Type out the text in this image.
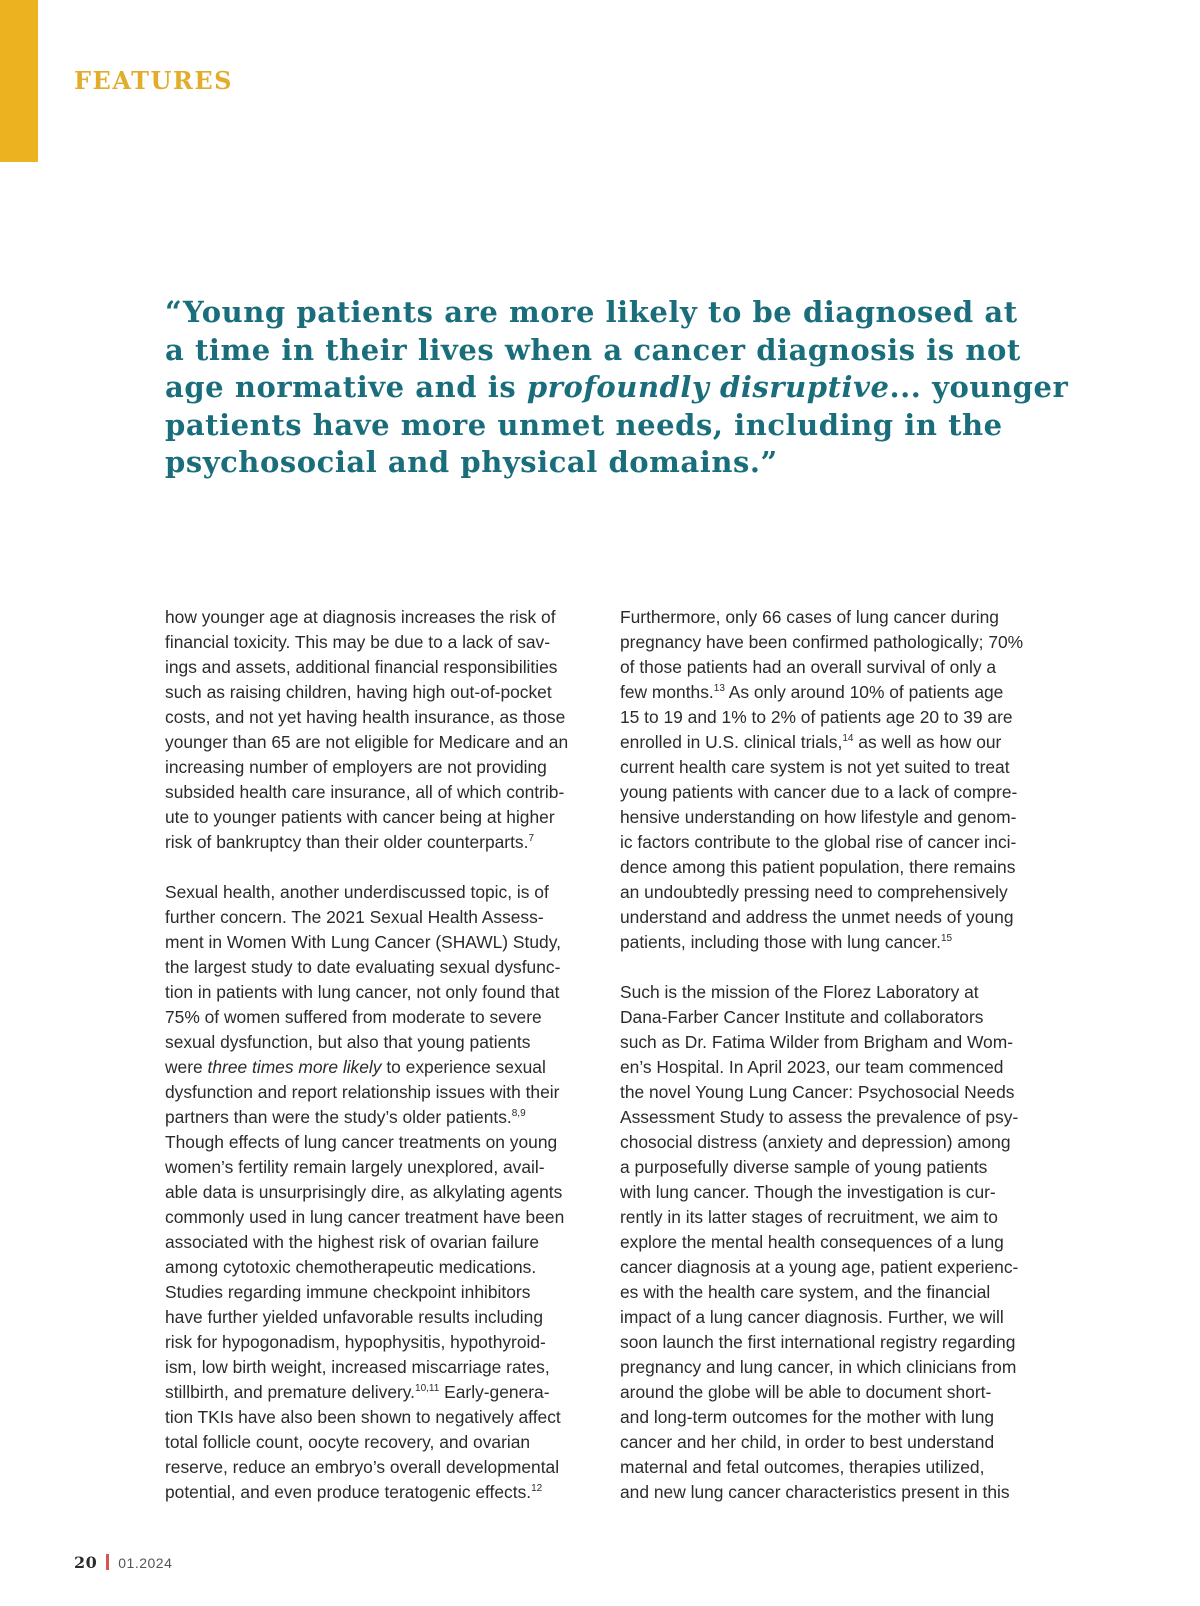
FEATURES
“Young patients are more likely to be diagnosed at
a time in their lives when a cancer diagnosis is not
age normative and is profoundly disruptive... younger
patients have more unmet needs, including in the
psychosocial and physical domains.”

how younger age at diagnosis increases the risk of
financial toxicity. This may be due to a lack of sav-
ings and assets, additional financial responsibilities
such as raising children, having high out-of-pocket
costs, and not yet having health insurance, as those
younger than 65 are not eligible for Medicare and an
increasing number of employers are not providing
subsided health care insurance, all of which contrib-
ute to younger patients with cancer being at higher
risk of bankruptcy than their older counterparts.$^7$

Sexual health, another underdiscussed topic, is of
further concern. The 2021 Sexual Health Assess-
ment in Women With Lung Cancer (SHAWL) Study,
the largest study to date evaluating sexual dysfunc-
tion in patients with lung cancer, not only found that
75% of women suffered from moderate to severe
sexual dysfunction, but also that young patients
were three times more likely to experience sexual
dysfunction and report relationship issues with their
partners than were the study’s older patients.$^{8,9}$
Though effects of lung cancer treatments on young
women’s fertility remain largely unexplored, avail-
able data is unsurprisingly dire, as alkylating agents
commonly used in lung cancer treatment have been
associated with the highest risk of ovarian failure
among cytotoxic chemotherapeutic medications.
Studies regarding immune checkpoint inhibitors
have further yielded unfavorable results including
risk for hypogonadism, hypophysitis, hypothyroid-
ism, low birth weight, increased miscarriage rates,
stillbirth, and premature delivery.$^{10,11}$ Early-genera-
tion TKIs have also been shown to negatively affect
total follicle count, oocyte recovery, and ovarian
reserve, reduce an embryo’s overall developmental
potential, and even produce teratogenic effects.$^{12}$

Furthermore, only 66 cases of lung cancer during
pregnancy have been confirmed pathologically; 70%
of those patients had an overall survival of only a
few months.$^{13}$ As only around 10% of patients age
15 to 19 and 1% to 2% of patients age 20 to 39 are
enrolled in U.S. clinical trials,$^{14}$ as well as how our
current health care system is not yet suited to treat
young patients with cancer due to a lack of compre-
hensive understanding on how lifestyle and genom-
ic factors contribute to the global rise of cancer inci-
dence among this patient population, there remains
an undoubtedly pressing need to comprehensively
understand and address the unmet needs of young
patients, including those with lung cancer.$^{15}$

Such is the mission of the Florez Laboratory at
Dana-Farber Cancer Institute and collaborators
such as Dr. Fatima Wilder from Brigham and Wom-
en’s Hospital. In April 2023, our team commenced
the novel Young Lung Cancer: Psychosocial Needs
Assessment Study to assess the prevalence of psy-
chosocial distress (anxiety and depression) among
a purposefully diverse sample of young patients
with lung cancer. Though the investigation is cur-
rently in its latter stages of recruitment, we aim to
explore the mental health consequences of a lung
cancer diagnosis at a young age, patient experienc-
es with the health care system, and the financial
impact of a lung cancer diagnosis. Further, we will
soon launch the first international registry regarding
pregnancy and lung cancer, in which clinicians from
around the globe will be able to document short-
and long-term outcomes for the mother with lung
cancer and her child, in order to best understand
maternal and fetal outcomes, therapies utilized,
and new lung cancer characteristics present in this

20 01.2024
